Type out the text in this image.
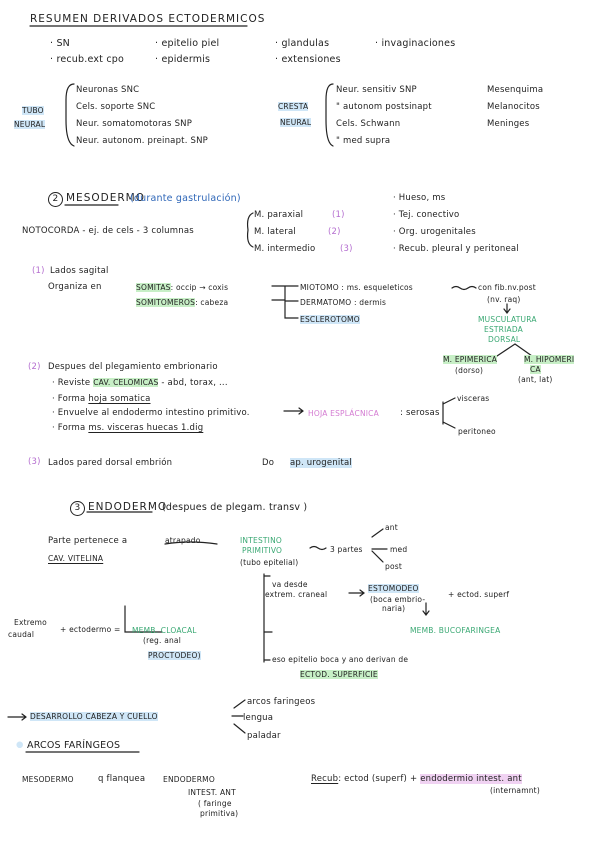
RESUMEN DERIVADOS ECTODERMICOS
· SN
· recub.ext cpo
· epitelio piel
· epidermis
· glandulas
· extensiones
· invaginaciones
TUBO
NEURAL
Neuronas SNC
Cels. soporte SNC
Neur. somatomotoras SNP
Neur. autonom. preinapt. SNP
CRESTA
NEURAL
Neur. sensitiv SNP
" autonom postsinapt
Cels. Schwann
" med supra
Mesenquima
Melanocitos
Meninges
2 MESODERMO
(durante gastrulación)
NOTOCORDA - ej. de cels - 3 columnas
M. paraxial
M. lateral
M. intermedio
(1)
(2)
(3)
· Hueso, ms
· Tej. conectivo
· Org. urogenitales
· Recub. pleural y peritoneal
(1) Lados sagital
Organiza en	SOMITAS: occip → coxis
SOMITOMEROS: cabeza
MIOTOMO : ms. esqueleticos	con fib.nv.post
(nv. raq)
DERMATOMO : dermis
ESCLEROTOMO	MUSCULATURA
ESTRIADA
DORSAL
M. EPIMERICA
(dorso)
M. HIPOMERI
CA
(ant, lat)
(2) Despues del plegamiento embrionario
· Reviste CAV. CELOMICAS - abd, torax, ...
· Forma hoja somatica
· Envuelve al endodermo intestino primitivo.	HOJA ESPLÁCNICA : serosas
visceras
peritoneo
· Forma ms. visceras huecas 1.dig
(3) Lados pared dorsal embrión	Do ap. urogenital
3 ENDODERMO
(despues de plegam. transv )
Parte pertenece a
CAV. VITELINA
atrapado	INTESTINO
PRIMITIVO
(tubo epitelial)
3 partes
ant
med
post
va desde
extrem. craneal
ESTOMODEO
(boca embrio-
naria)
+ ectod. superf
MEMB. BUCOFARINGEA
Extremo
caudal
+ ectodermo = MEMB. CLOACAL
(reg. anal
PROCTODEO)	eso epitelio boca y ano derivan de
ECTOD. SUPERFICIE
DESARROLLO CABEZA Y CUELLO
arcos faringeos
lengua
paladar
● ARCOS FARÍNGEOS
MESODERMO	q flanquea ENDODERMO
INTEST. ANT
( faringe
primitiva)
Recub: ectod (superf) + endodermio intest. ant
(internamnt)
